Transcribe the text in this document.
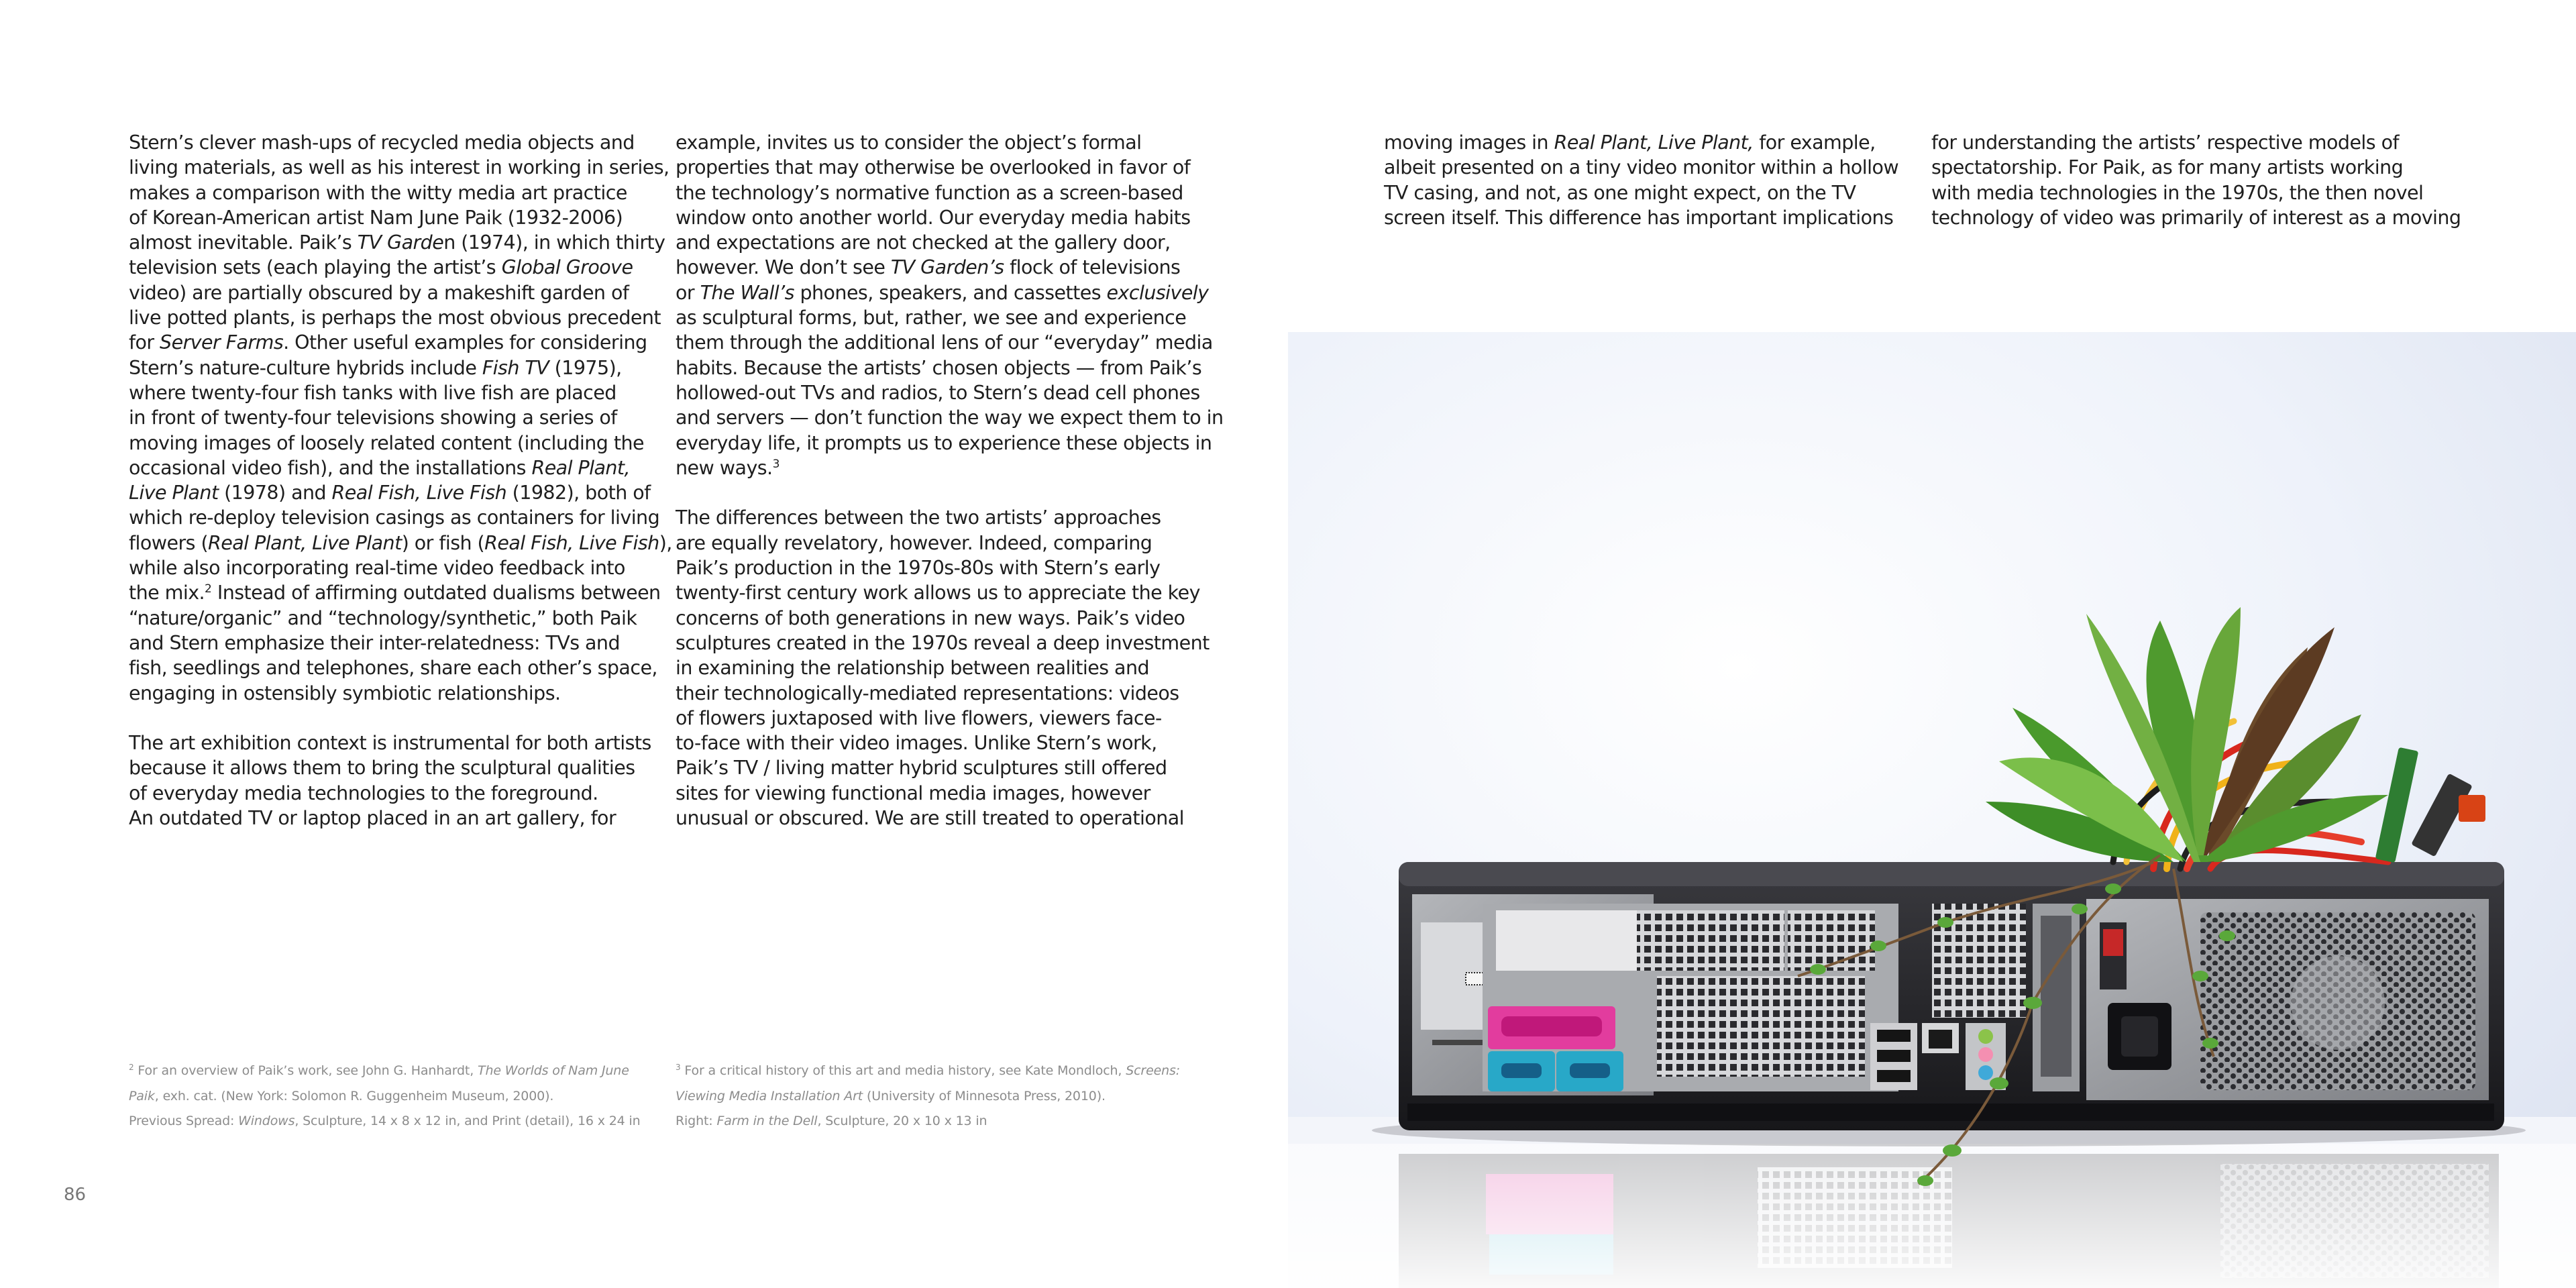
Stern’s clever mash-ups of recycled media objects and
living materials, as well as his interest in working in series,
makes a comparison with the witty media art practice
of Korean-American artist Nam June Paik (1932-2006)
almost inevitable. Paik’s TV Garden (1974), in which thirty
television sets (each playing the artist’s Global Groove
video) are partially obscured by a makeshift garden of
live potted plants, is perhaps the most obvious precedent
for Server Farms. Other useful examples for considering
Stern’s nature-culture hybrids include Fish TV (1975),
where twenty-four fish tanks with live fish are placed
in front of twenty-four televisions showing a series of
moving images of loosely related content (including the
occasional video fish), and the installations Real Plant,
Live Plant (1978) and Real Fish, Live Fish (1982), both of
which re-deploy television casings as containers for living
flowers (Real Plant, Live Plant) or fish (Real Fish, Live Fish),
while also incorporating real-time video feedback into
the mix.$^2$ Instead of affirming outdated dualisms between
“nature/organic” and “technology/synthetic,” both Paik
and Stern emphasize their inter-relatedness: TVs and
fish, seedlings and telephones, share each other’s space,
engaging in ostensibly symbiotic relationships.

The art exhibition context is instrumental for both artists
because it allows them to bring the sculptural qualities
of everyday media technologies to the foreground.
An outdated TV or laptop placed in an art gallery, for

example, invites us to consider the object’s formal
properties that may otherwise be overlooked in favor of
the technology’s normative function as a screen-based
window onto another world. Our everyday media habits
and expectations are not checked at the gallery door,
however. We don’t see TV Garden’s flock of televisions
or The Wall’s phones, speakers, and cassettes exclusively
as sculptural forms, but, rather, we see and experience
them through the additional lens of our “everyday” media
habits. Because the artists’ chosen objects — from Paik’s
hollowed-out TVs and radios, to Stern’s dead cell phones
and servers — don’t function the way we expect them to in
everyday life, it prompts us to experience these objects in
new ways.$^3$

The differences between the two artists’ approaches
are equally revelatory, however. Indeed, comparing
Paik’s production in the 1970s-80s with Stern’s early
twenty-first century work allows us to appreciate the key
concerns of both generations in new ways. Paik’s video
sculptures created in the 1970s reveal a deep investment
in examining the relationship between realities and
their technologically-mediated representations: videos
of flowers juxtaposed with live flowers, viewers face-
to-face with their video images. Unlike Stern’s work,
Paik’s TV / living matter hybrid sculptures still offered
sites for viewing functional media images, however
unusual or obscured. We are still treated to operational

$^2$ For an overview of Paik’s work, see John G. Hanhardt, The Worlds of Nam June
Paik, exh. cat. (New York: Solomon R. Guggenheim Museum, 2000).
Previous Spread: Windows, Sculpture, 14 x 8 x 12 in, and Print (detail), 16 x 24 in
$^3$ For a critical history of this art and media history, see Kate Mondloch, Screens:
Viewing Media Installation Art (University of Minnesota Press, 2010).
Right: Farm in the Dell, Sculpture, 20 x 10 x 13 in
86

moving images in Real Plant, Live Plant, for example,
albeit presented on a tiny video monitor within a hollow
TV casing, and not, as one might expect, on the TV
screen itself. This difference has important implications

for understanding the artists’ respective models of
spectatorship. For Paik, as for many artists working
with media technologies in the 1970s, the then novel
technology of video was primarily of interest as a moving
